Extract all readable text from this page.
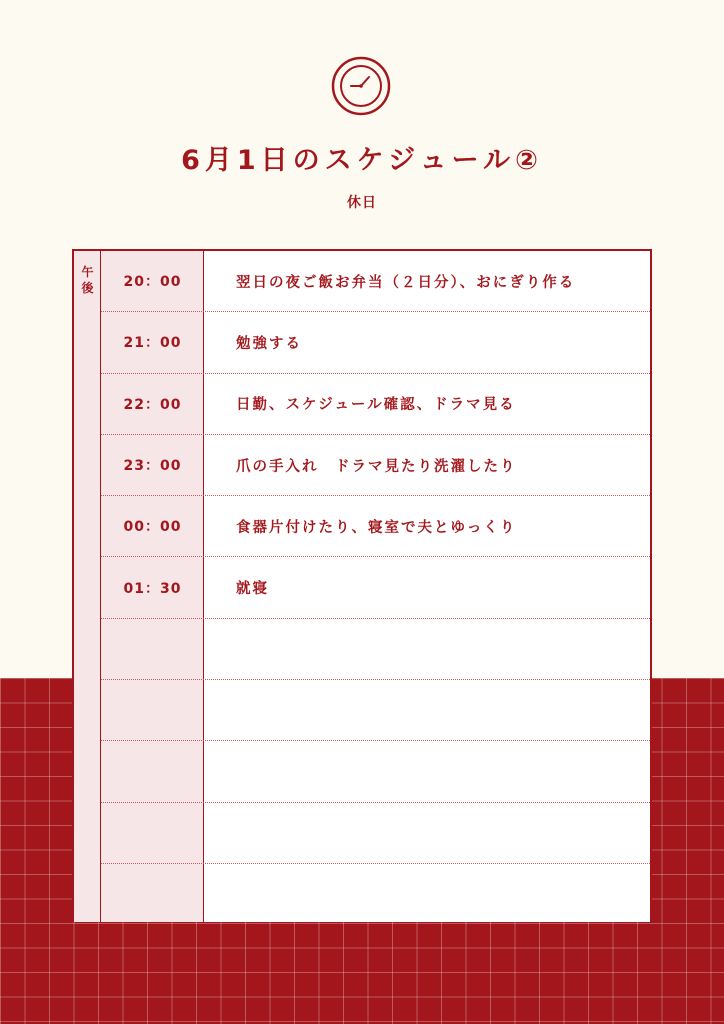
6月1日のスケジュール②
休日
午
後	20：00	翌日の夜ご飯お弁当（２日分）、おにぎり作る
21：00	勉強する
22：00	日勤、スケジュール確認、ドラマ見る
23：00	爪の手入れ　ドラマ見たり洗濯したり
00：00	食器片付けたり、寝室で夫とゆっくり
01：30	就寝
